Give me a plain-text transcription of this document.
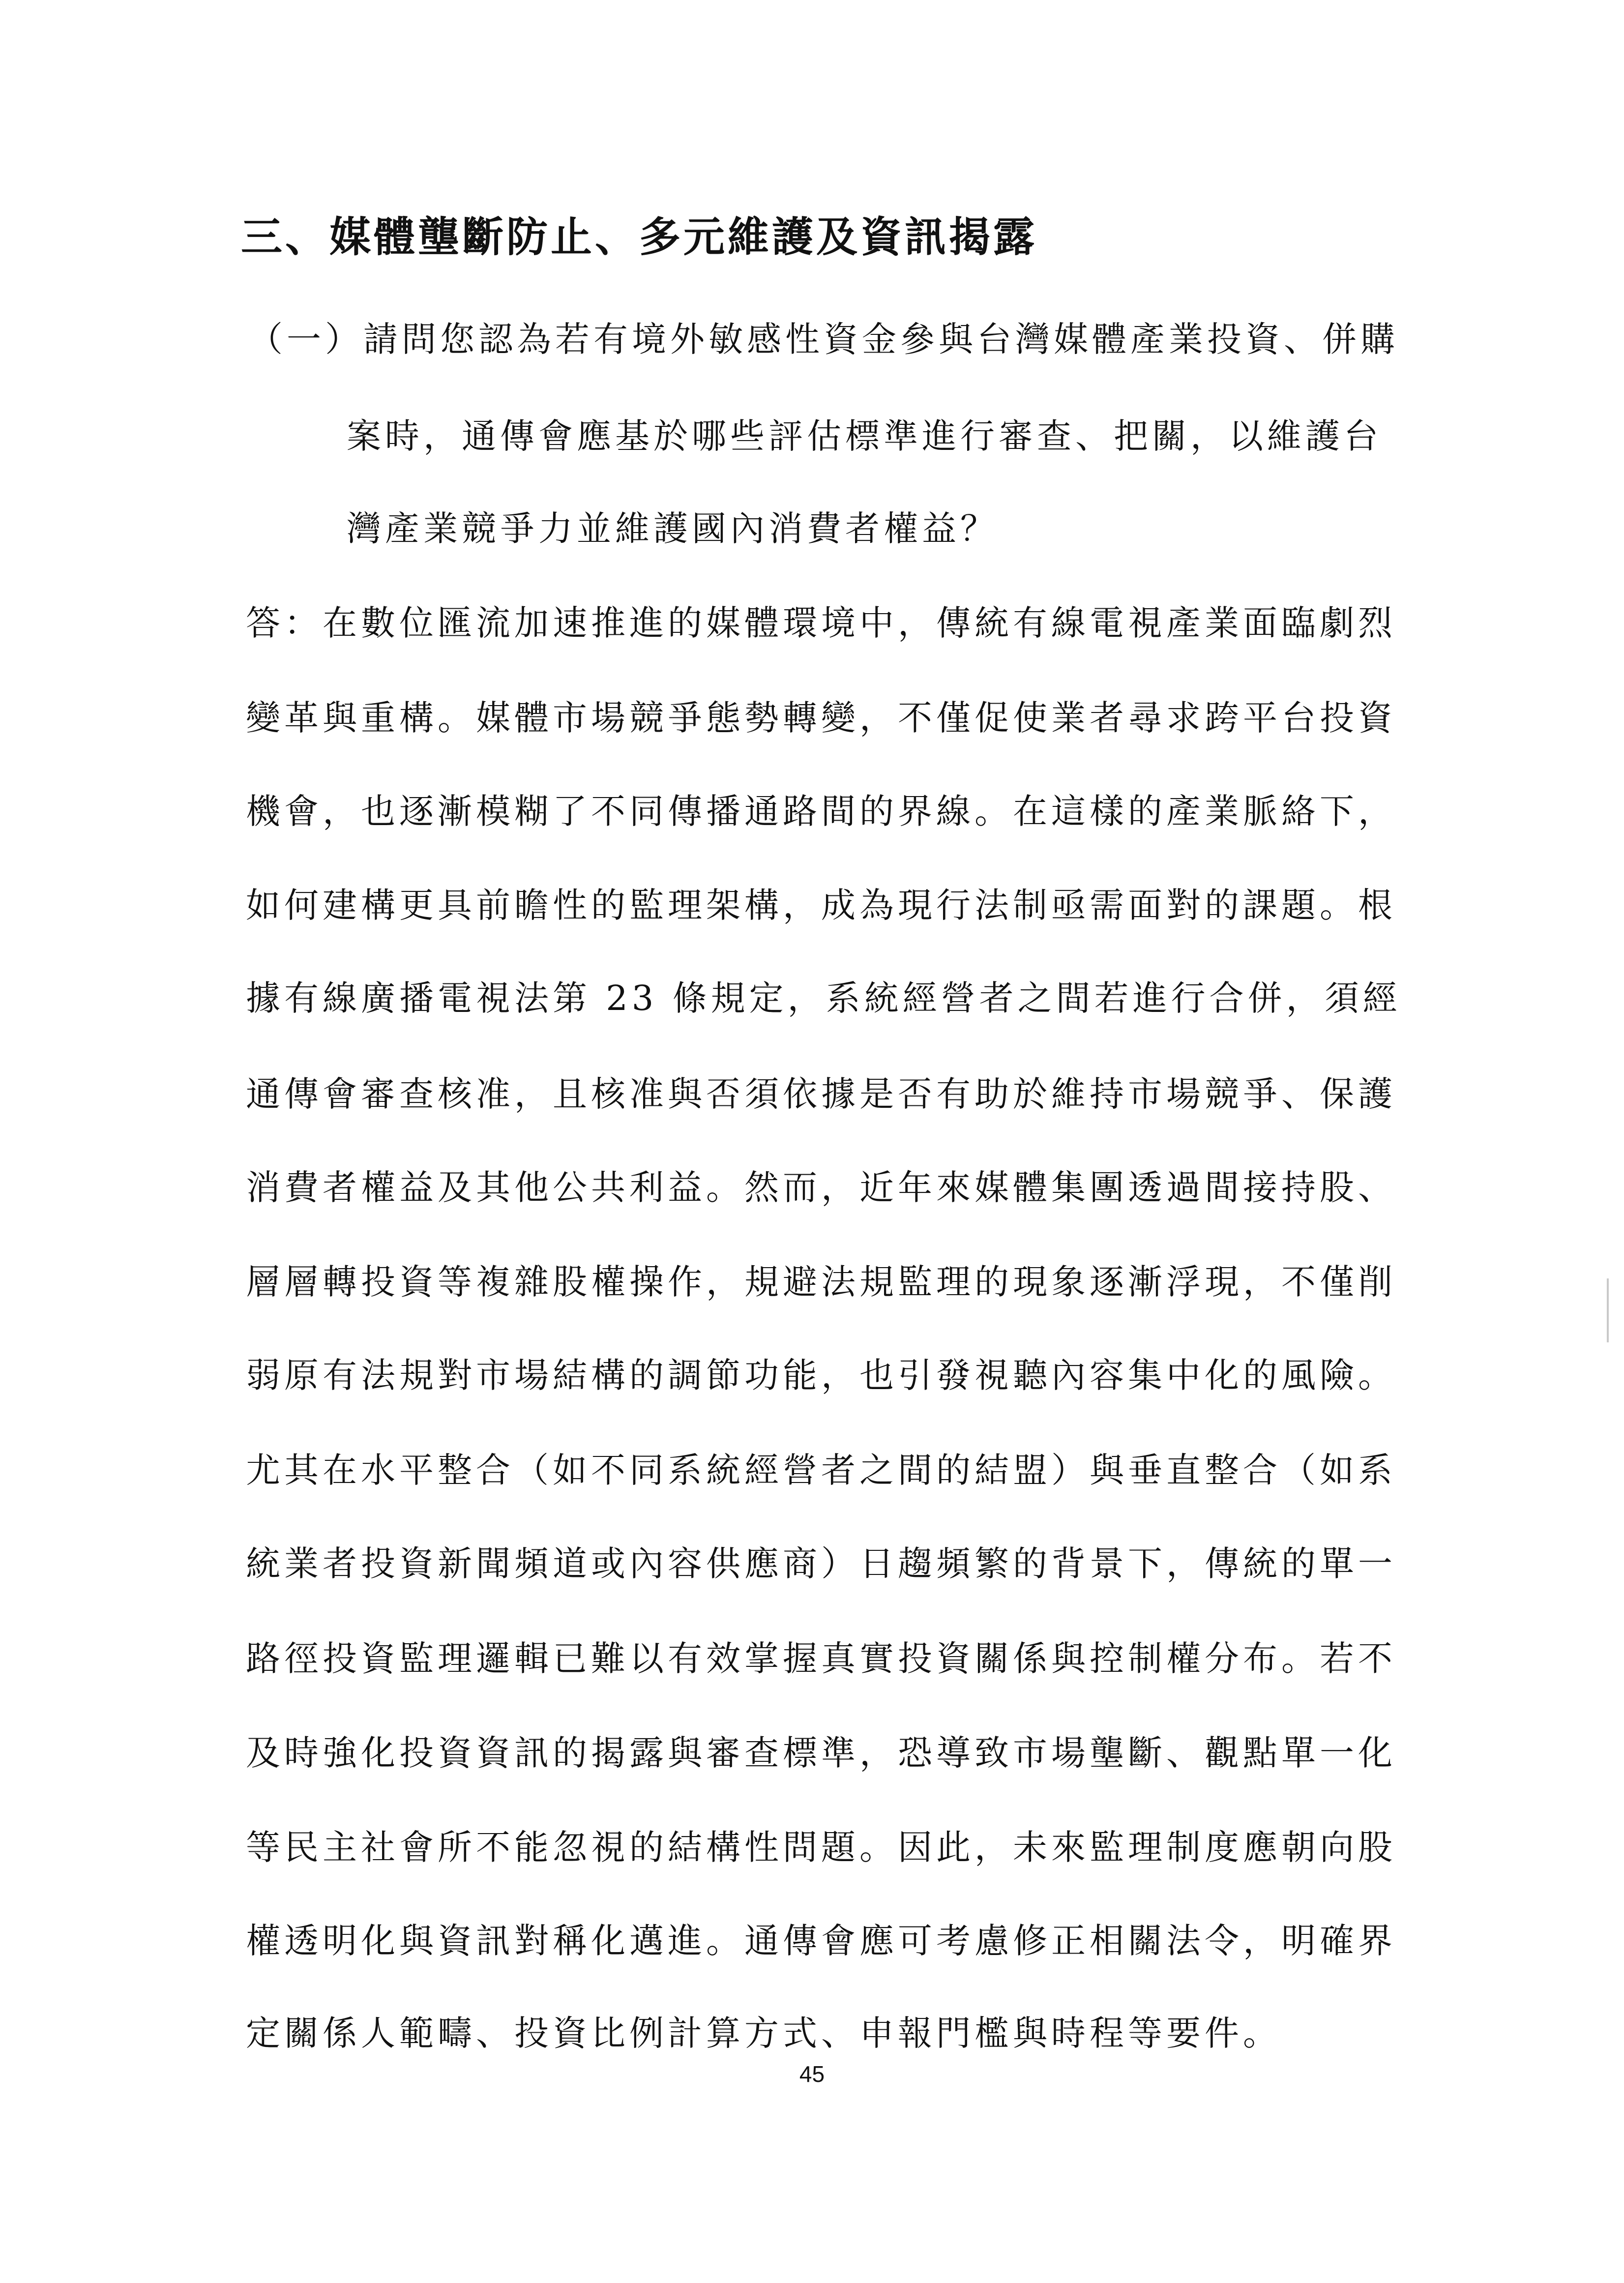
三、媒體壟斷防止、多元維護及資訊揭露
（一）請問您認為若有境外敏感性資金參與台灣媒體產業投資、併購
案時，通傳會應基於哪些評估標準進行審查、把關，以維護台
灣產業競爭力並維護國內消費者權益？
答：在數位匯流加速推進的媒體環境中，傳統有線電視產業面臨劇烈
變革與重構。媒體市場競爭態勢轉變，不僅促使業者尋求跨平台投資
機會，也逐漸模糊了不同傳播通路間的界線。在這樣的產業脈絡下，
如何建構更具前瞻性的監理架構，成為現行法制亟需面對的課題。根
據有線廣播電視法第 23 條規定，系統經營者之間若進行合併，須經
通傳會審查核准，且核准與否須依據是否有助於維持市場競爭、保護
消費者權益及其他公共利益。然而，近年來媒體集團透過間接持股、
層層轉投資等複雜股權操作，規避法規監理的現象逐漸浮現，不僅削
弱原有法規對市場結構的調節功能，也引發視聽內容集中化的風險。
尤其在水平整合（如不同系統經營者之間的結盟）與垂直整合（如系
統業者投資新聞頻道或內容供應商）日趨頻繁的背景下，傳統的單一
路徑投資監理邏輯已難以有效掌握真實投資關係與控制權分布。若不
及時強化投資資訊的揭露與審查標準，恐導致市場壟斷、觀點單一化
等民主社會所不能忽視的結構性問題。因此，未來監理制度應朝向股
權透明化與資訊對稱化邁進。通傳會應可考慮修正相關法令，明確界
定關係人範疇、投資比例計算方式、申報門檻與時程等要件。
45
